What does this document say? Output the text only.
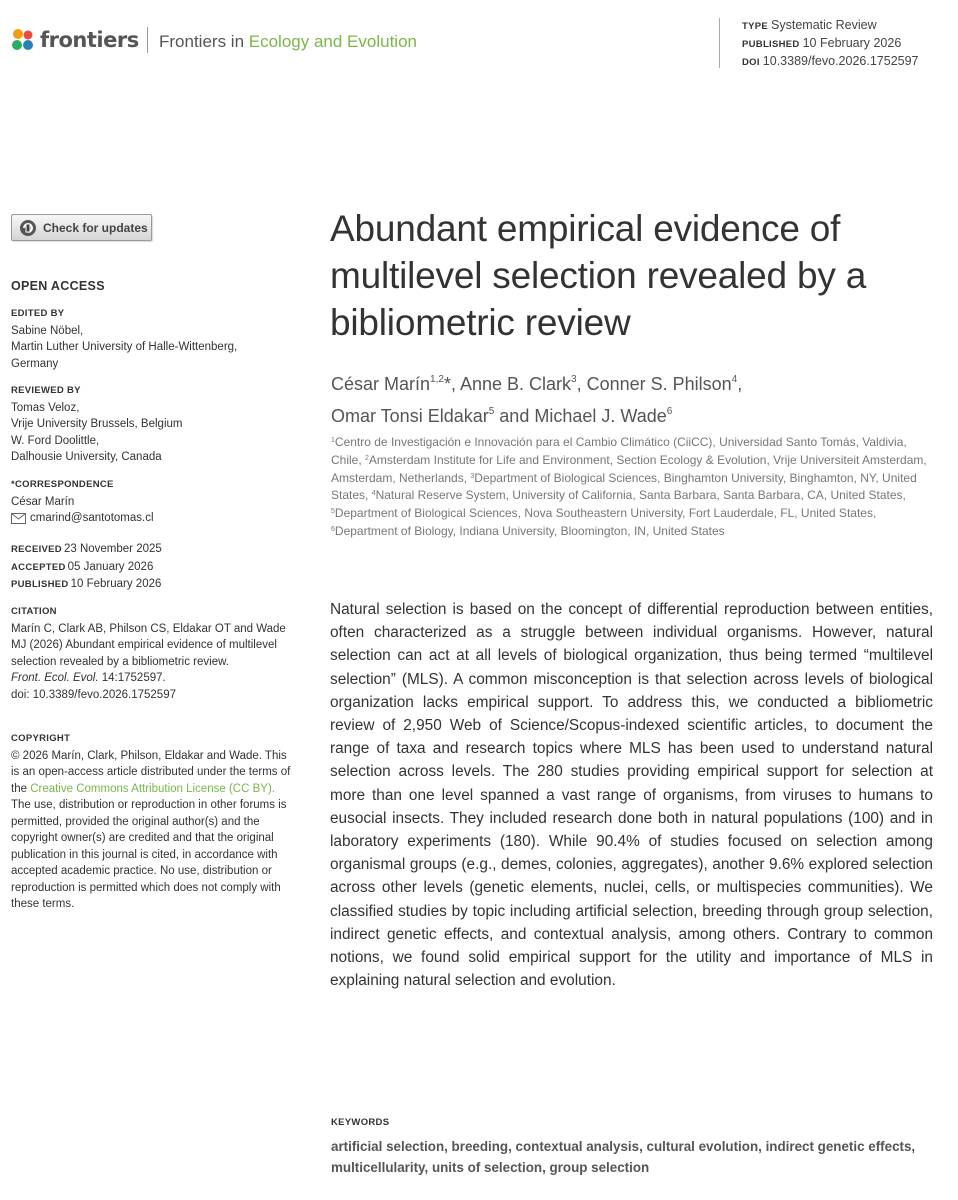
frontiers Frontiers in Ecology and Evolution
TYPE Systematic Review
PUBLISHED 10 February 2026
DOI 10.3389/fevo.2026.1752597
Check for updates
OPEN ACCESS
EDITED BY
Sabine Nöbel,
Martin Luther University of Halle-Wittenberg,
Germany
REVIEWED BY
Tomas Veloz,
Vrije University Brussels, Belgium
W. Ford Doolittle,
Dalhousie University, Canada
*CORRESPONDENCE
César Marín
cmarind@santotomas.cl
RECEIVED 23 November 2025
ACCEPTED 05 January 2026
PUBLISHED 10 February 2026
CITATION
Marín C, Clark AB, Philson CS, Eldakar OT and Wade MJ (2026) Abundant empirical evidence of multilevel selection revealed by a bibliometric review.
Front. Ecol. Evol. 14:1752597.
doi: 10.3389/fevo.2026.1752597
COPYRIGHT
© 2026 Marín, Clark, Philson, Eldakar and Wade. This is an open-access article distributed under the terms of the Creative Commons Attribution License (CC BY). The use, distribution or reproduction in other forums is permitted, provided the original author(s) and the copyright owner(s) are credited and that the original publication in this journal is cited, in accordance with accepted academic practice. No use, distribution or reproduction is permitted which does not comply with these terms.
Abundant empirical evidence of multilevel selection revealed by a bibliometric review
César Marín$^{1,2}$*, Anne B. Clark$^3$, Conner S. Philson$^4$,
Omar Tonsi Eldakar$^5$ and Michael J. Wade$^6$
$^1$Centro de Investigación e Innovación para el Cambio Climático (CiiCC), Universidad Santo Tomás, Valdivia, Chile, $^2$Amsterdam Institute for Life and Environment, Section Ecology & Evolution, Vrije Universiteit Amsterdam, Amsterdam, Netherlands, $^3$Department of Biological Sciences, Binghamton University, Binghamton, NY, United States, $^4$Natural Reserve System, University of California, Santa Barbara, Santa Barbara, CA, United States, $^5$Department of Biological Sciences, Nova Southeastern University, Fort Lauderdale, FL, United States, $^6$Department of Biology, Indiana University, Bloomington, IN, United States
Natural selection is based on the concept of differential reproduction between entities, often characterized as a struggle between individual organisms. However, natural selection can act at all levels of biological organization, thus being termed “multilevel selection” (MLS). A common misconception is that selection across levels of biological organization lacks empirical support. To address this, we conducted a bibliometric review of 2,950 Web of Science/Scopus-indexed scientific articles, to document the range of taxa and research topics where MLS has been used to understand natural selection across levels. The 280 studies providing empirical support for selection at more than one level spanned a vast range of organisms, from viruses to humans to eusocial insects. They included research done both in natural populations (100) and in laboratory experiments (180). While 90.4% of studies focused on selection among organismal groups (e.g., demes, colonies, aggregates), another 9.6% explored selection across other levels (genetic elements, nuclei, cells, or multispecies communities). We classified studies by topic including artificial selection, breeding through group selection, indirect genetic effects, and contextual analysis, among others. Contrary to common notions, we found solid empirical support for the utility and importance of MLS in explaining natural selection and evolution.
KEYWORDS
artificial selection, breeding, contextual analysis, cultural evolution, indirect genetic effects, multicellularity, units of selection, group selection
